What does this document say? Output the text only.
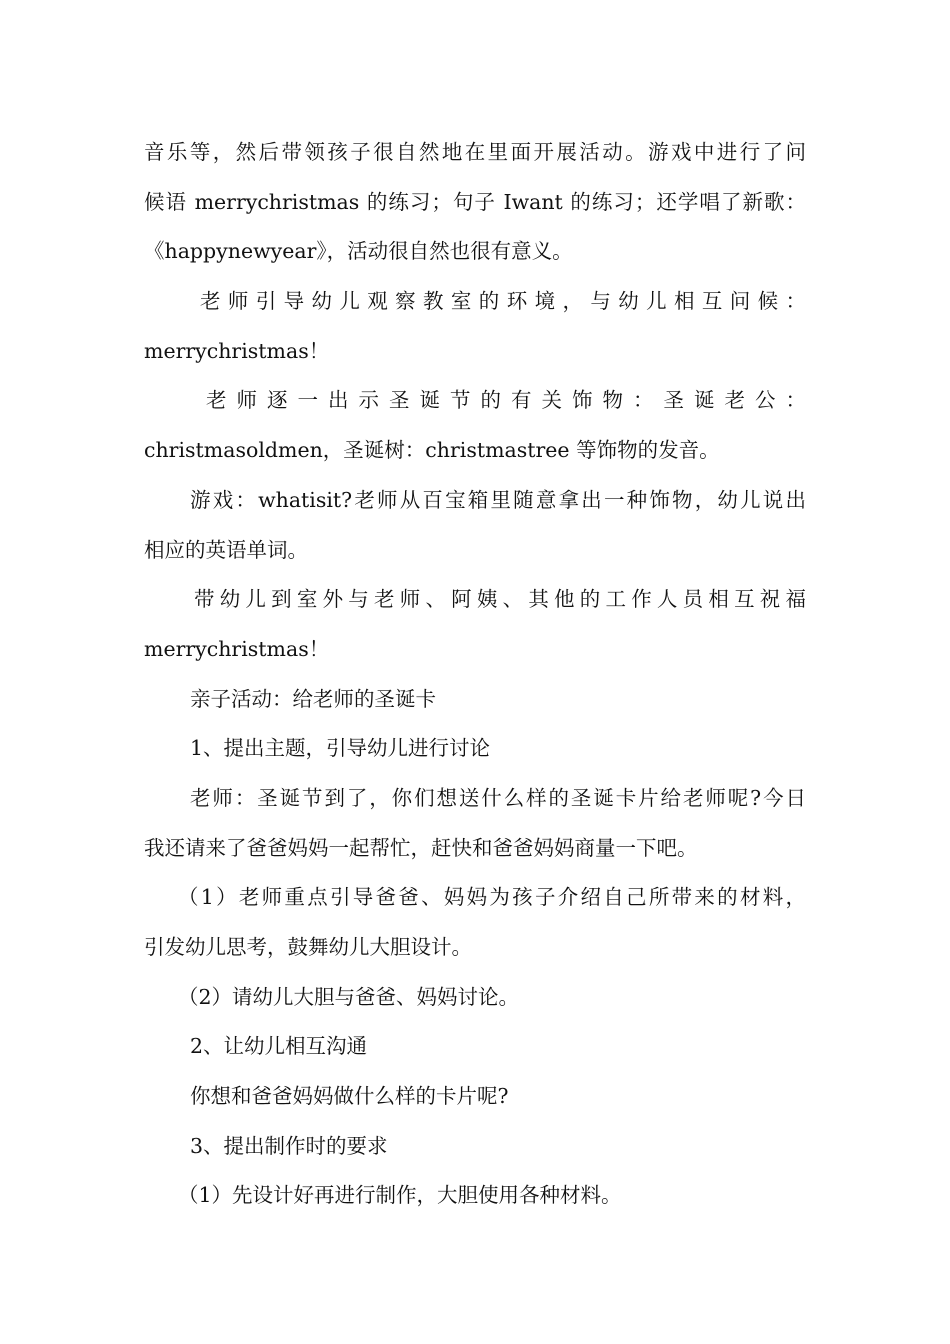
音乐等，然后带领孩子很自然地在里面开展活动。游戏中进行了问
候语 merrychristmas 的练习；句子 Iwant 的练习；还学唱了新歌：
《happynewyear》，活动很自然也很有意义。
老 师 引 导 幼 儿 观 察 教 室 的 环 境 ， 与 幼 儿 相 互 问 候 ：
merrychristmas！
老 师 逐 一 出 示 圣 诞 节 的 有 关 饰 物 ： 圣 诞 老 公 ：
christmasoldmen，圣诞树：christmastree 等饰物的发音。
游戏：whatisit?老师从百宝箱里随意拿出一种饰物，幼儿说出
相应的英语单词。
带幼儿到室外与老师、阿姨、其他的工作人员相互祝福
merrychristmas！
亲子活动：给老师的圣诞卡
1、提出主题，引导幼儿进行讨论
老师：圣诞节到了，你们想送什么样的圣诞卡片给老师呢?今日
我还请来了爸爸妈妈一起帮忙，赶快和爸爸妈妈商量一下吧。
（1）老师重点引导爸爸、妈妈为孩子介绍自己所带来的材料，
引发幼儿思考，鼓舞幼儿大胆设计。
（2）请幼儿大胆与爸爸、妈妈讨论。
2、让幼儿相互沟通
你想和爸爸妈妈做什么样的卡片呢?
3、提出制作时的要求
（1）先设计好再进行制作，大胆使用各种材料。
